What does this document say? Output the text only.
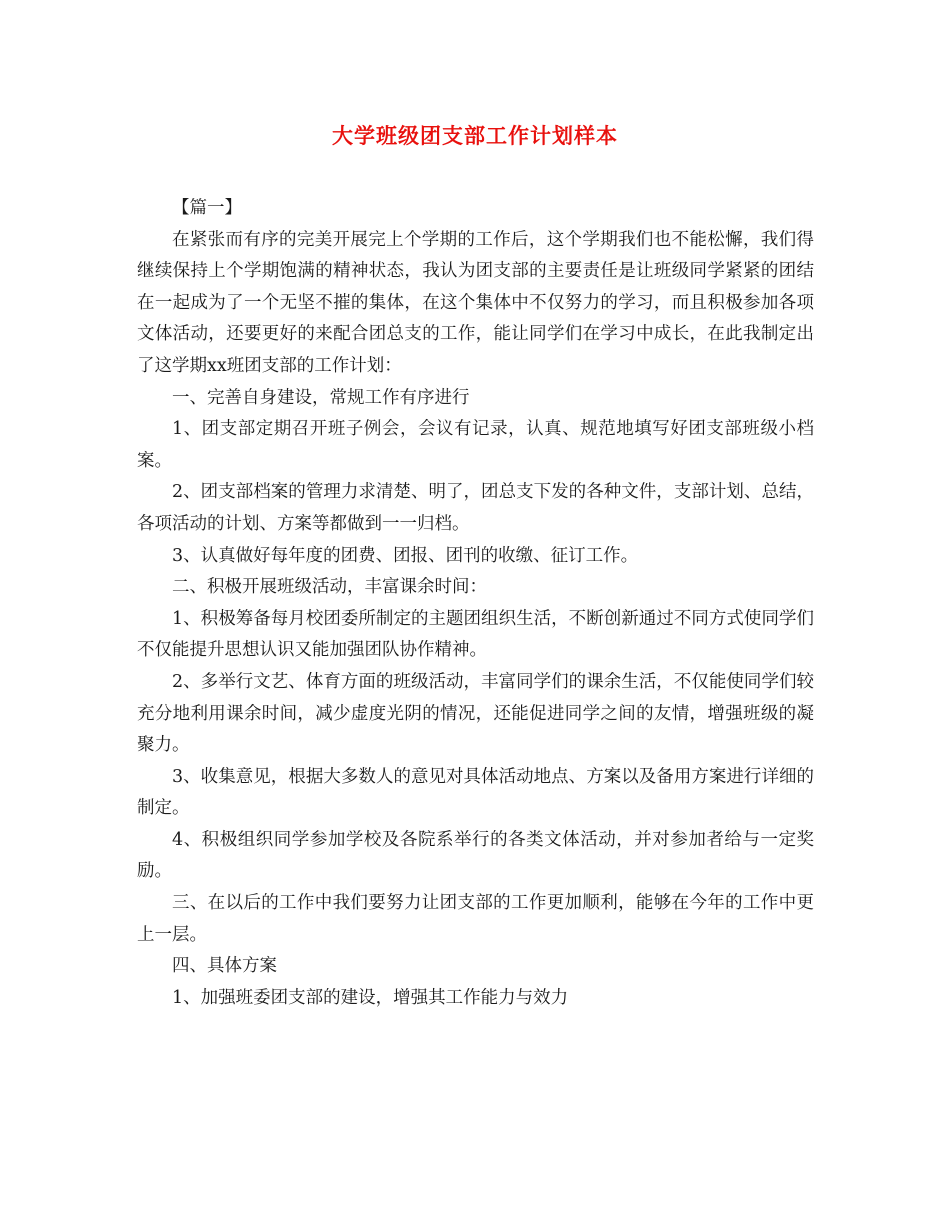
大学班级团支部工作计划样本

【篇一】

在紧张而有序的完美开展完上个学期的工作后，这个学期我们也不能松懈，我们得继续保持上个学期饱满的精神状态，我认为团支部的主要责任是让班级同学紧紧的团结在一起成为了一个无坚不摧的集体，在这个集体中不仅努力的学习，而且积极参加各项文体活动，还要更好的来配合团总支的工作，能让同学们在学习中成长，在此我制定出了这学期xx班团支部的工作计划：

一、完善自身建设，常规工作有序进行

1、团支部定期召开班子例会，会议有记录，认真、规范地填写好团支部班级小档案。

2、团支部档案的管理力求清楚、明了，团总支下发的各种文件，支部计划、总结，各项活动的计划、方案等都做到一一归档。

3、认真做好每年度的团费、团报、团刊的收缴、征订工作。

二、积极开展班级活动，丰富课余时间：

1、积极筹备每月校团委所制定的主题团组织生活，不断创新通过不同方式使同学们不仅能提升思想认识又能加强团队协作精神。

2、多举行文艺、体育方面的班级活动，丰富同学们的课余生活，不仅能使同学们较充分地利用课余时间，减少虚度光阴的情况，还能促进同学之间的友情，增强班级的凝聚力。

3、收集意见，根据大多数人的意见对具体活动地点、方案以及备用方案进行详细的制定。

4、积极组织同学参加学校及各院系举行的各类文体活动，并对参加者给与一定奖励。

三、在以后的工作中我们要努力让团支部的工作更加顺利，能够在今年的工作中更上一层。

四、具体方案

1、加强班委团支部的建设，增强其工作能力与效力
